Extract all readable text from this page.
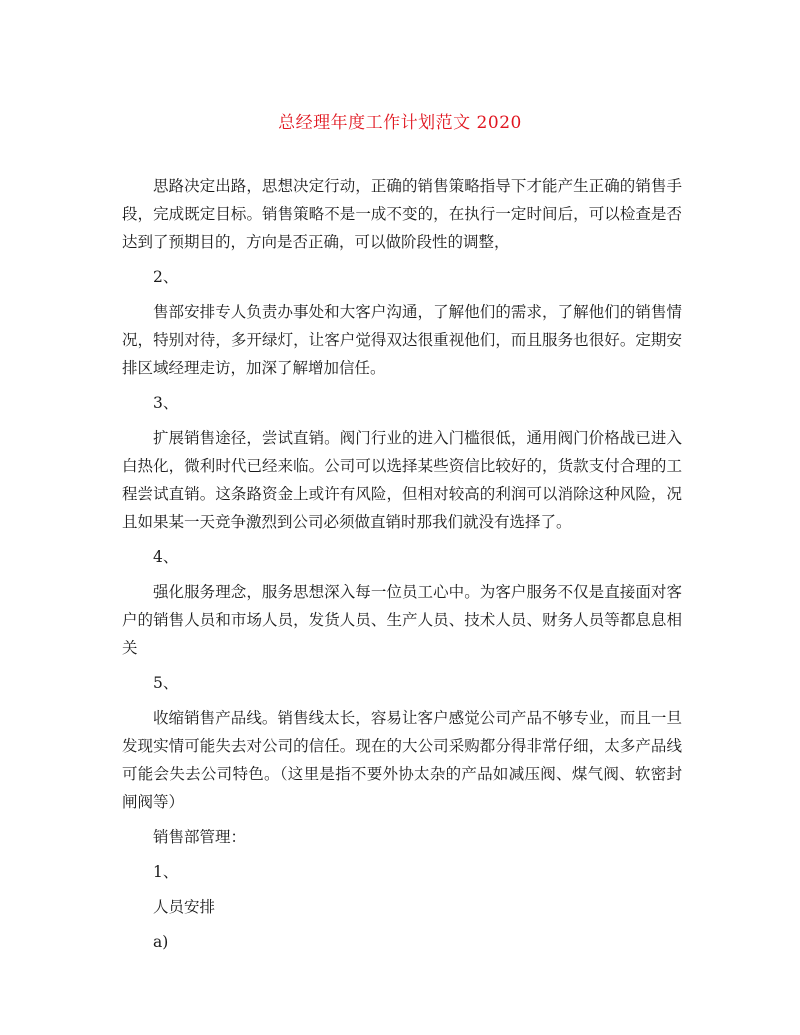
总经理年度工作计划范文 2020

思路决定出路，思想决定行动，正确的销售策略指导下才能产生正确的销售手段，完成既定目标。销售策略不是一成不变的，在执行一定时间后，可以检查是否达到了预期目的，方向是否正确，可以做阶段性的调整，

2、

售部安排专人负责办事处和大客户沟通，了解他们的需求，了解他们的销售情况，特别对待，多开绿灯，让客户觉得双达很重视他们，而且服务也很好。定期安排区域经理走访，加深了解增加信任。

3、

扩展销售途径，尝试直销。阀门行业的进入门槛很低，通用阀门价格战已进入白热化，微利时代已经来临。公司可以选择某些资信比较好的，货款支付合理的工程尝试直销。这条路资金上或许有风险，但相对较高的利润可以消除这种风险，况且如果某一天竞争激烈到公司必须做直销时那我们就没有选择了。

4、

强化服务理念，服务思想深入每一位员工心中。为客户服务不仅是直接面对客户的销售人员和市场人员，发货人员、生产人员、技术人员、财务人员等都息息相关

5、

收缩销售产品线。销售线太长，容易让客户感觉公司产品不够专业，而且一旦发现实情可能失去对公司的信任。现在的大公司采购都分得非常仔细，太多产品线可能会失去公司特色。（这里是指不要外协太杂的产品如减压阀、煤气阀、软密封闸阀等）

销售部管理：

1、

人员安排

a)
